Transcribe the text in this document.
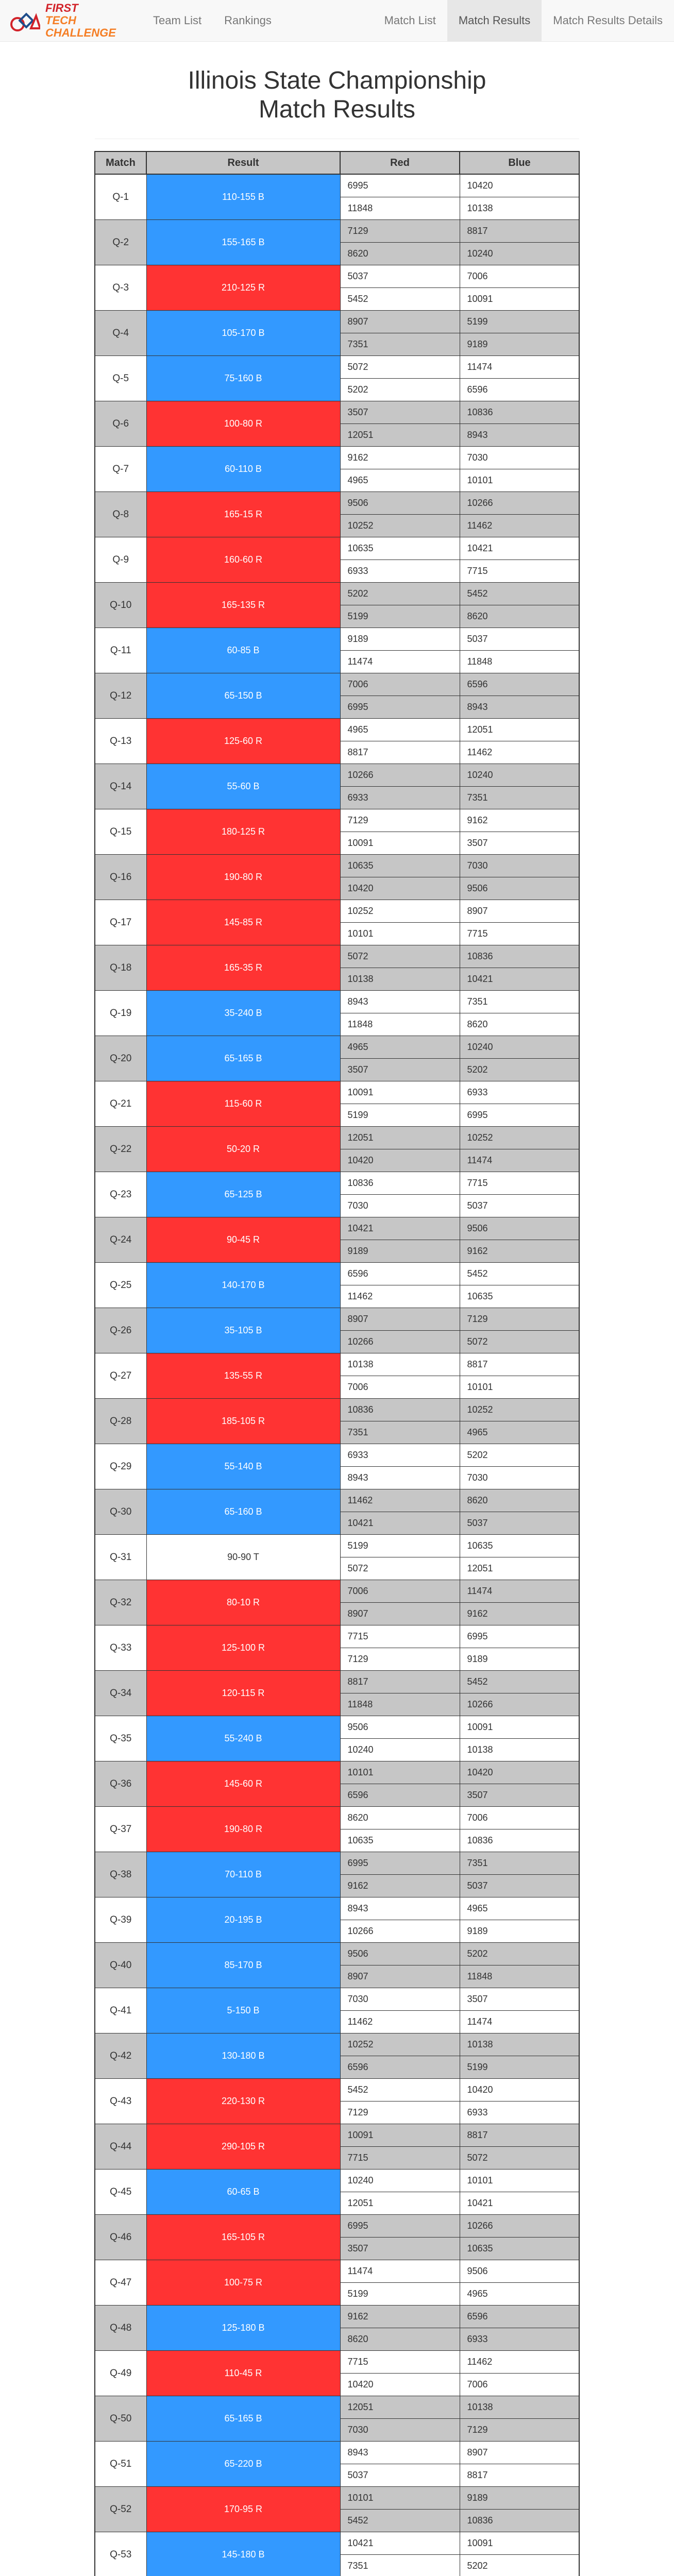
FIRST
TECH
CHALLENGE
Team List	Rankings	Match List	Match Results	Match Results Details
Illinois State Championship
Match Results
Match	Result	Red	Blue
Q-1	110-155 B	6995	10420
		11848	10138
Q-2	155-165 B	7129	8817
		8620	10240
Q-3	210-125 R	5037	7006
		5452	10091
Q-4	105-170 B	8907	5199
		7351	9189
Q-5	75-160 B	5072	11474
		5202	6596
Q-6	100-80 R	3507	10836
		12051	8943
Q-7	60-110 B	9162	7030
		4965	10101
Q-8	165-15 R	9506	10266
		10252	11462
Q-9	160-60 R	10635	10421
		6933	7715
Q-10	165-135 R	5202	5452
		5199	8620
Q-11	60-85 B	9189	5037
		11474	11848
Q-12	65-150 B	7006	6596
		6995	8943
Q-13	125-60 R	4965	12051
		8817	11462
Q-14	55-60 B	10266	10240
		6933	7351
Q-15	180-125 R	7129	9162
		10091	3507
Q-16	190-80 R	10635	7030
		10420	9506
Q-17	145-85 R	10252	8907
		10101	7715
Q-18	165-35 R	5072	10836
		10138	10421
Q-19	35-240 B	8943	7351
		11848	8620
Q-20	65-165 B	4965	10240
		3507	5202
Q-21	115-60 R	10091	6933
		5199	6995
Q-22	50-20 R	12051	10252
		10420	11474
Q-23	65-125 B	10836	7715
		7030	5037
Q-24	90-45 R	10421	9506
		9189	9162
Q-25	140-170 B	6596	5452
		11462	10635
Q-26	35-105 B	8907	7129
		10266	5072
Q-27	135-55 R	10138	8817
		7006	10101
Q-28	185-105 R	10836	10252
		7351	4965
Q-29	55-140 B	6933	5202
		8943	7030
Q-30	65-160 B	11462	8620
		10421	5037
Q-31	90-90 T	5199	10635
		5072	12051
Q-32	80-10 R	7006	11474
		8907	9162
Q-33	125-100 R	7715	6995
		7129	9189
Q-34	120-115 R	8817	5452
		11848	10266
Q-35	55-240 B	9506	10091
		10240	10138
Q-36	145-60 R	10101	10420
		6596	3507
Q-37	190-80 R	8620	7006
		10635	10836
Q-38	70-110 B	6995	7351
		9162	5037
Q-39	20-195 B	8943	4965
		10266	9189
Q-40	85-170 B	9506	5202
		8907	11848
Q-41	5-150 B	7030	3507
		11462	11474
Q-42	130-180 B	10252	10138
		6596	5199
Q-43	220-130 R	5452	10420
		7129	6933
Q-44	290-105 R	10091	8817
		7715	5072
Q-45	60-65 B	10240	10101
		12051	10421
Q-46	165-105 R	6995	10266
		3507	10635
Q-47	100-75 R	11474	9506
		5199	4965
Q-48	125-180 B	9162	6596
		8620	6933
Q-49	110-45 R	7715	11462
		10420	7006
Q-50	65-165 B	12051	10138
		7030	7129
Q-51	65-220 B	8943	8907
		5037	8817
Q-52	170-95 R	10101	9189
		5452	10836
Q-53	145-180 B	10421	10091
		7351	5202
